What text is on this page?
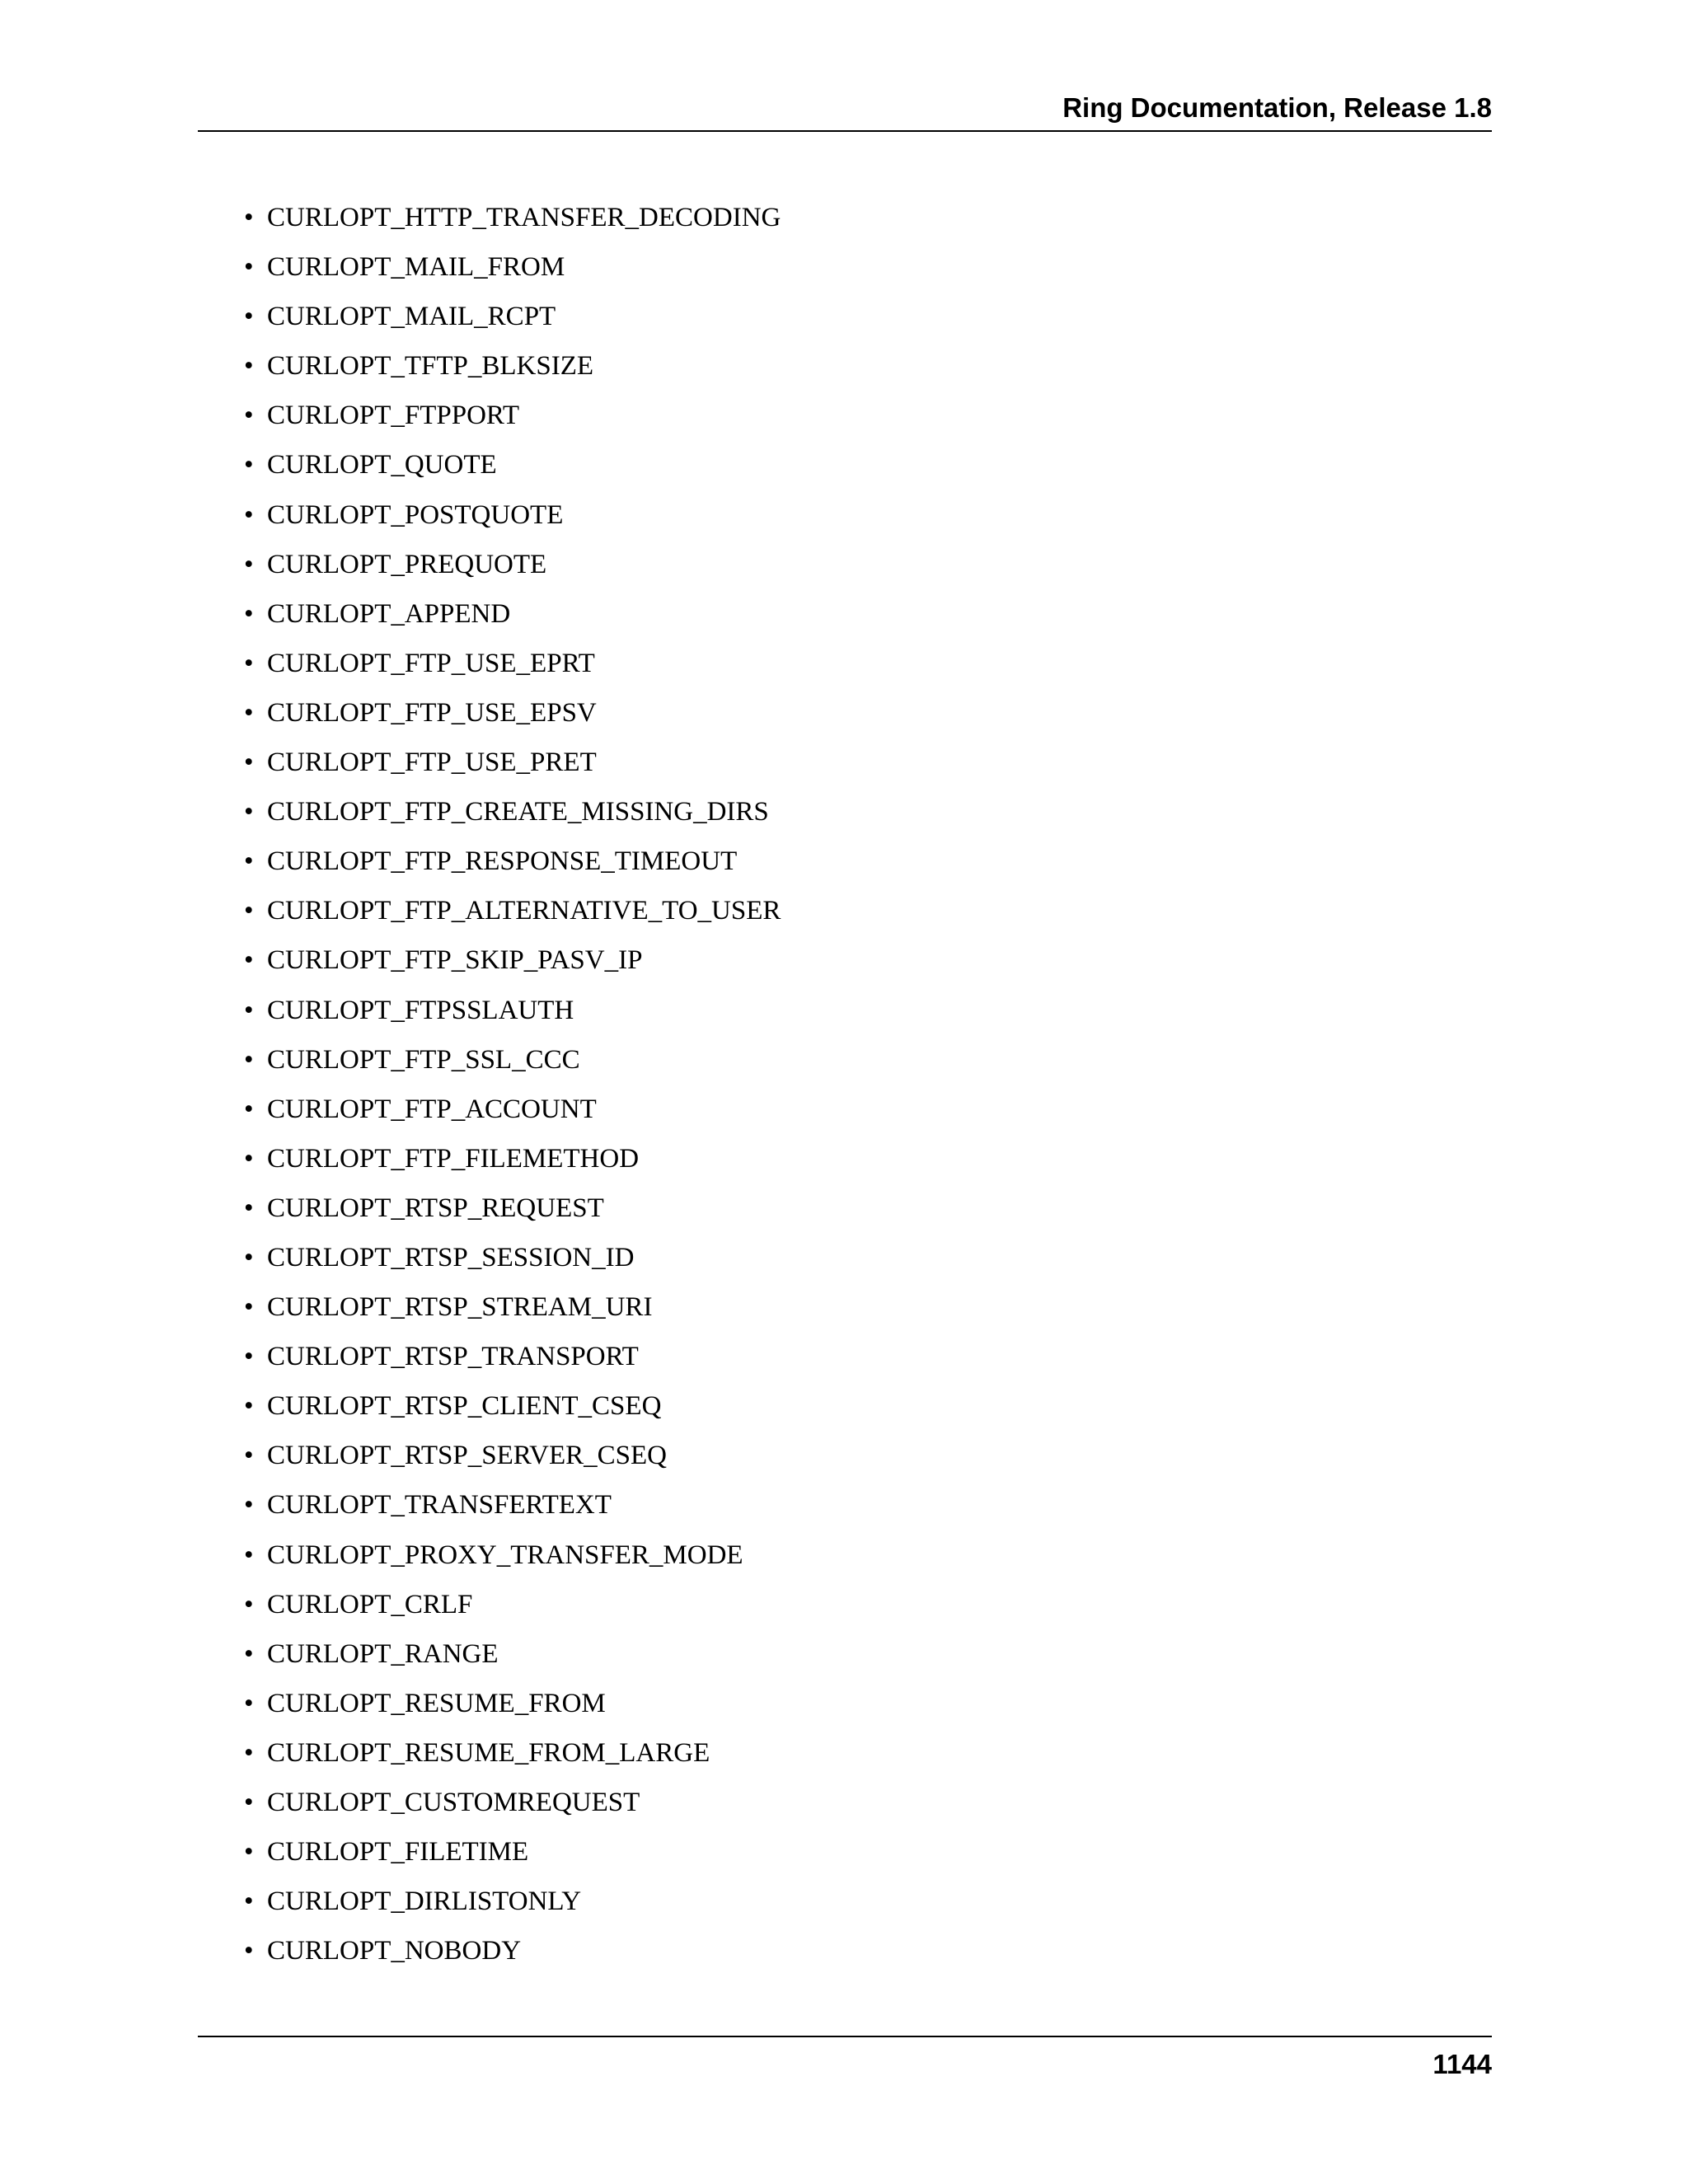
Ring Documentation, Release 1.8
• CURLOPT_HTTP_TRANSFER_DECODING
• CURLOPT_MAIL_FROM
• CURLOPT_MAIL_RCPT
• CURLOPT_TFTP_BLKSIZE
• CURLOPT_FTPPORT
• CURLOPT_QUOTE
• CURLOPT_POSTQUOTE
• CURLOPT_PREQUOTE
• CURLOPT_APPEND
• CURLOPT_FTP_USE_EPRT
• CURLOPT_FTP_USE_EPSV
• CURLOPT_FTP_USE_PRET
• CURLOPT_FTP_CREATE_MISSING_DIRS
• CURLOPT_FTP_RESPONSE_TIMEOUT
• CURLOPT_FTP_ALTERNATIVE_TO_USER
• CURLOPT_FTP_SKIP_PASV_IP
• CURLOPT_FTPSSLAUTH
• CURLOPT_FTP_SSL_CCC
• CURLOPT_FTP_ACCOUNT
• CURLOPT_FTP_FILEMETHOD
• CURLOPT_RTSP_REQUEST
• CURLOPT_RTSP_SESSION_ID
• CURLOPT_RTSP_STREAM_URI
• CURLOPT_RTSP_TRANSPORT
• CURLOPT_RTSP_CLIENT_CSEQ
• CURLOPT_RTSP_SERVER_CSEQ
• CURLOPT_TRANSFERTEXT
• CURLOPT_PROXY_TRANSFER_MODE
• CURLOPT_CRLF
• CURLOPT_RANGE
• CURLOPT_RESUME_FROM
• CURLOPT_RESUME_FROM_LARGE
• CURLOPT_CUSTOMREQUEST
• CURLOPT_FILETIME
• CURLOPT_DIRLISTONLY
• CURLOPT_NOBODY
1144
